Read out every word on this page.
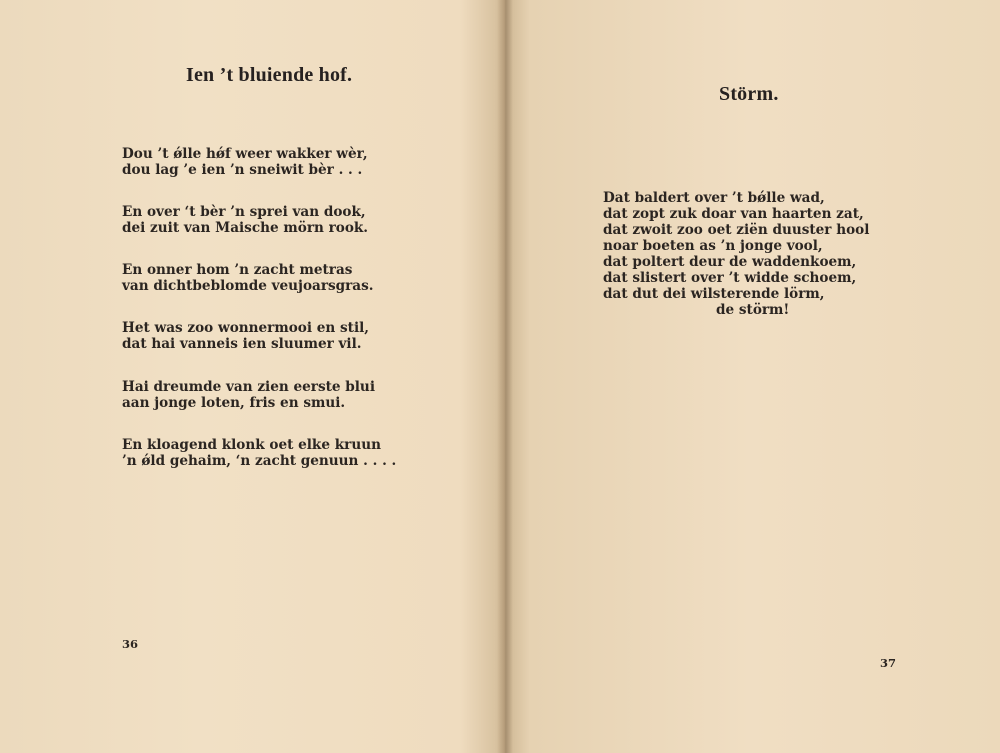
Ien ’t bluiende hof.

Dou ’t ǿlle hǿf weer wakker wèr,
dou lag ’e ien ’n sneiwit bèr . . .

En over ‘t bèr ’n sprei van dook,
dei zuit van Maische mörn rook.

En onner hom ’n zacht metras
van dichtbeblomde veujoarsgras.

Het was zoo wonnermooi en stil,
dat hai vanneis ien sluumer vil.

Hai dreumde van zien eerste blui
aan jonge loten, fris en smui.

En kloagend klonk oet elke kruun
’n ǿld gehaim, ‘n zacht genuun . . . .

36

Störm.

Dat baldert over ’t bǿlle wad,
dat zopt zuk doar van haarten zat,
dat zwoit zoo oet ziën duuster hool
noar boeten as ’n jonge vool,
dat poltert deur de waddenkoem,
dat slistert over ’t widde schoem,
dat dut dei wilsterende lörm,
de störm!

37
